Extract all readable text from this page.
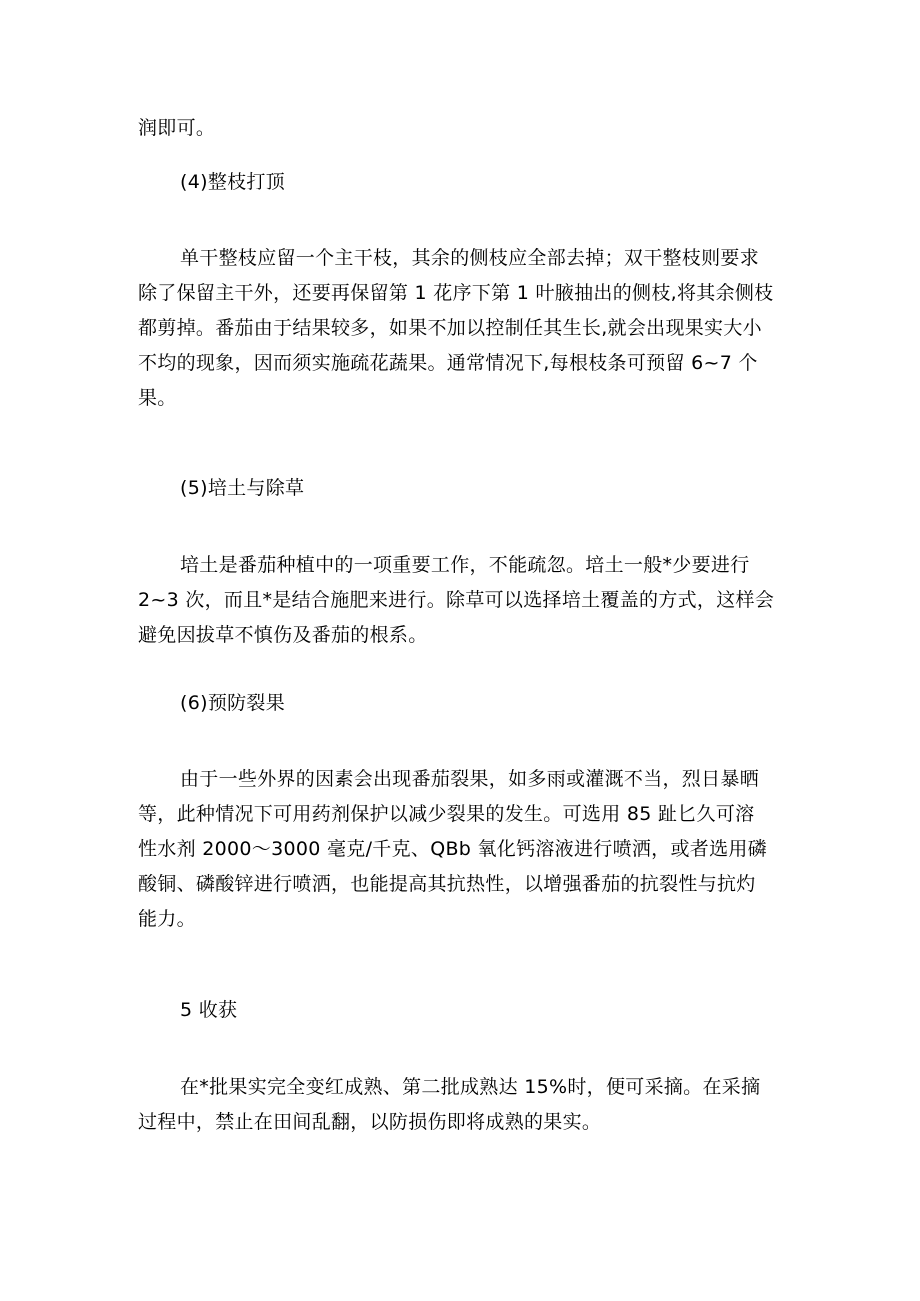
润即可。

(4)整枝打顶

单干整枝应留一个主干枝，其余的侧枝应全部去掉；双干整枝则要求
除了保留主干外，还要再保留第 1 花序下第 1 叶腋抽出的侧枝,将其余侧枝
都剪掉。番茄由于结果较多，如果不加以控制任其生长,就会出现果实大小
不均的现象，因而须实施疏花蔬果。通常情况下,每根枝条可预留 6~7 个
果。

(5)培土与除草

培土是番茄种植中的一项重要工作，不能疏忽。培土一般*少要进行
2~3 次，而且*是结合施肥来进行。除草可以选择培土覆盖的方式，这样会
避免因拔草不慎伤及番茄的根系。

(6)预防裂果

由于一些外界的因素会出现番茄裂果，如多雨或灌溉不当，烈日暴晒
等，此种情况下可用药剂保护以减少裂果的发生。可选用 85 趾匕久可溶
性水剂 2000～3000 毫克/千克、QBb 氧化钙溶液进行喷洒，或者选用磷
酸铜、磷酸锌进行喷洒，也能提高其抗热性，以增强番茄的抗裂性与抗灼
能力。

5 收获

在*批果实完全变红成熟、第二批成熟达 15%时，便可采摘。在采摘
过程中，禁止在田间乱翻，以防损伤即将成熟的果实。
